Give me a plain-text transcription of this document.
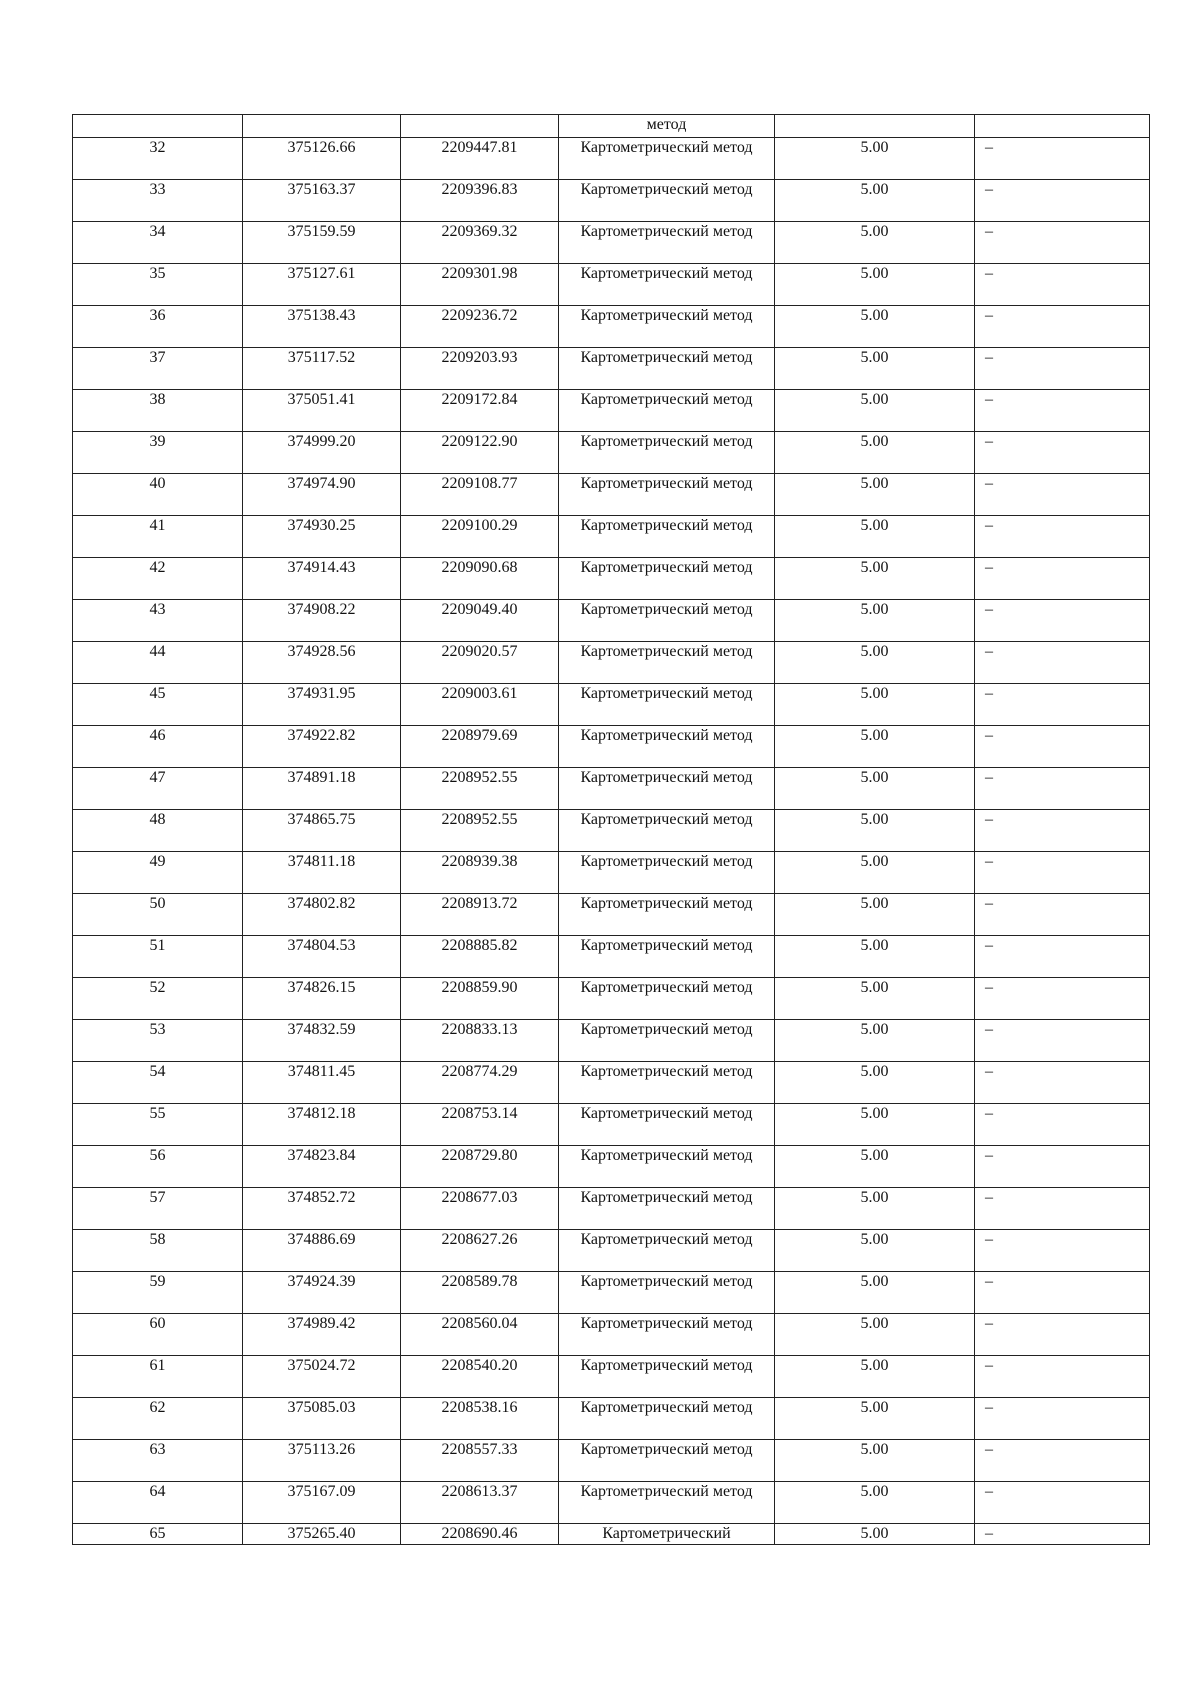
			метод		
32	375126.66	2209447.81	Картометрический метод	5.00	–
33	375163.37	2209396.83	Картометрический метод	5.00	–
34	375159.59	2209369.32	Картометрический метод	5.00	–
35	375127.61	2209301.98	Картометрический метод	5.00	–
36	375138.43	2209236.72	Картометрический метод	5.00	–
37	375117.52	2209203.93	Картометрический метод	5.00	–
38	375051.41	2209172.84	Картометрический метод	5.00	–
39	374999.20	2209122.90	Картометрический метод	5.00	–
40	374974.90	2209108.77	Картометрический метод	5.00	–
41	374930.25	2209100.29	Картометрический метод	5.00	–
42	374914.43	2209090.68	Картометрический метод	5.00	–
43	374908.22	2209049.40	Картометрический метод	5.00	–
44	374928.56	2209020.57	Картометрический метод	5.00	–
45	374931.95	2209003.61	Картометрический метод	5.00	–
46	374922.82	2208979.69	Картометрический метод	5.00	–
47	374891.18	2208952.55	Картометрический метод	5.00	–
48	374865.75	2208952.55	Картометрический метод	5.00	–
49	374811.18	2208939.38	Картометрический метод	5.00	–
50	374802.82	2208913.72	Картометрический метод	5.00	–
51	374804.53	2208885.82	Картометрический метод	5.00	–
52	374826.15	2208859.90	Картометрический метод	5.00	–
53	374832.59	2208833.13	Картометрический метод	5.00	–
54	374811.45	2208774.29	Картометрический метод	5.00	–
55	374812.18	2208753.14	Картометрический метод	5.00	–
56	374823.84	2208729.80	Картометрический метод	5.00	–
57	374852.72	2208677.03	Картометрический метод	5.00	–
58	374886.69	2208627.26	Картометрический метод	5.00	–
59	374924.39	2208589.78	Картометрический метод	5.00	–
60	374989.42	2208560.04	Картометрический метод	5.00	–
61	375024.72	2208540.20	Картометрический метод	5.00	–
62	375085.03	2208538.16	Картометрический метод	5.00	–
63	375113.26	2208557.33	Картометрический метод	5.00	–
64	375167.09	2208613.37	Картометрический метод	5.00	–
65	375265.40	2208690.46	Картометрический	5.00	–
